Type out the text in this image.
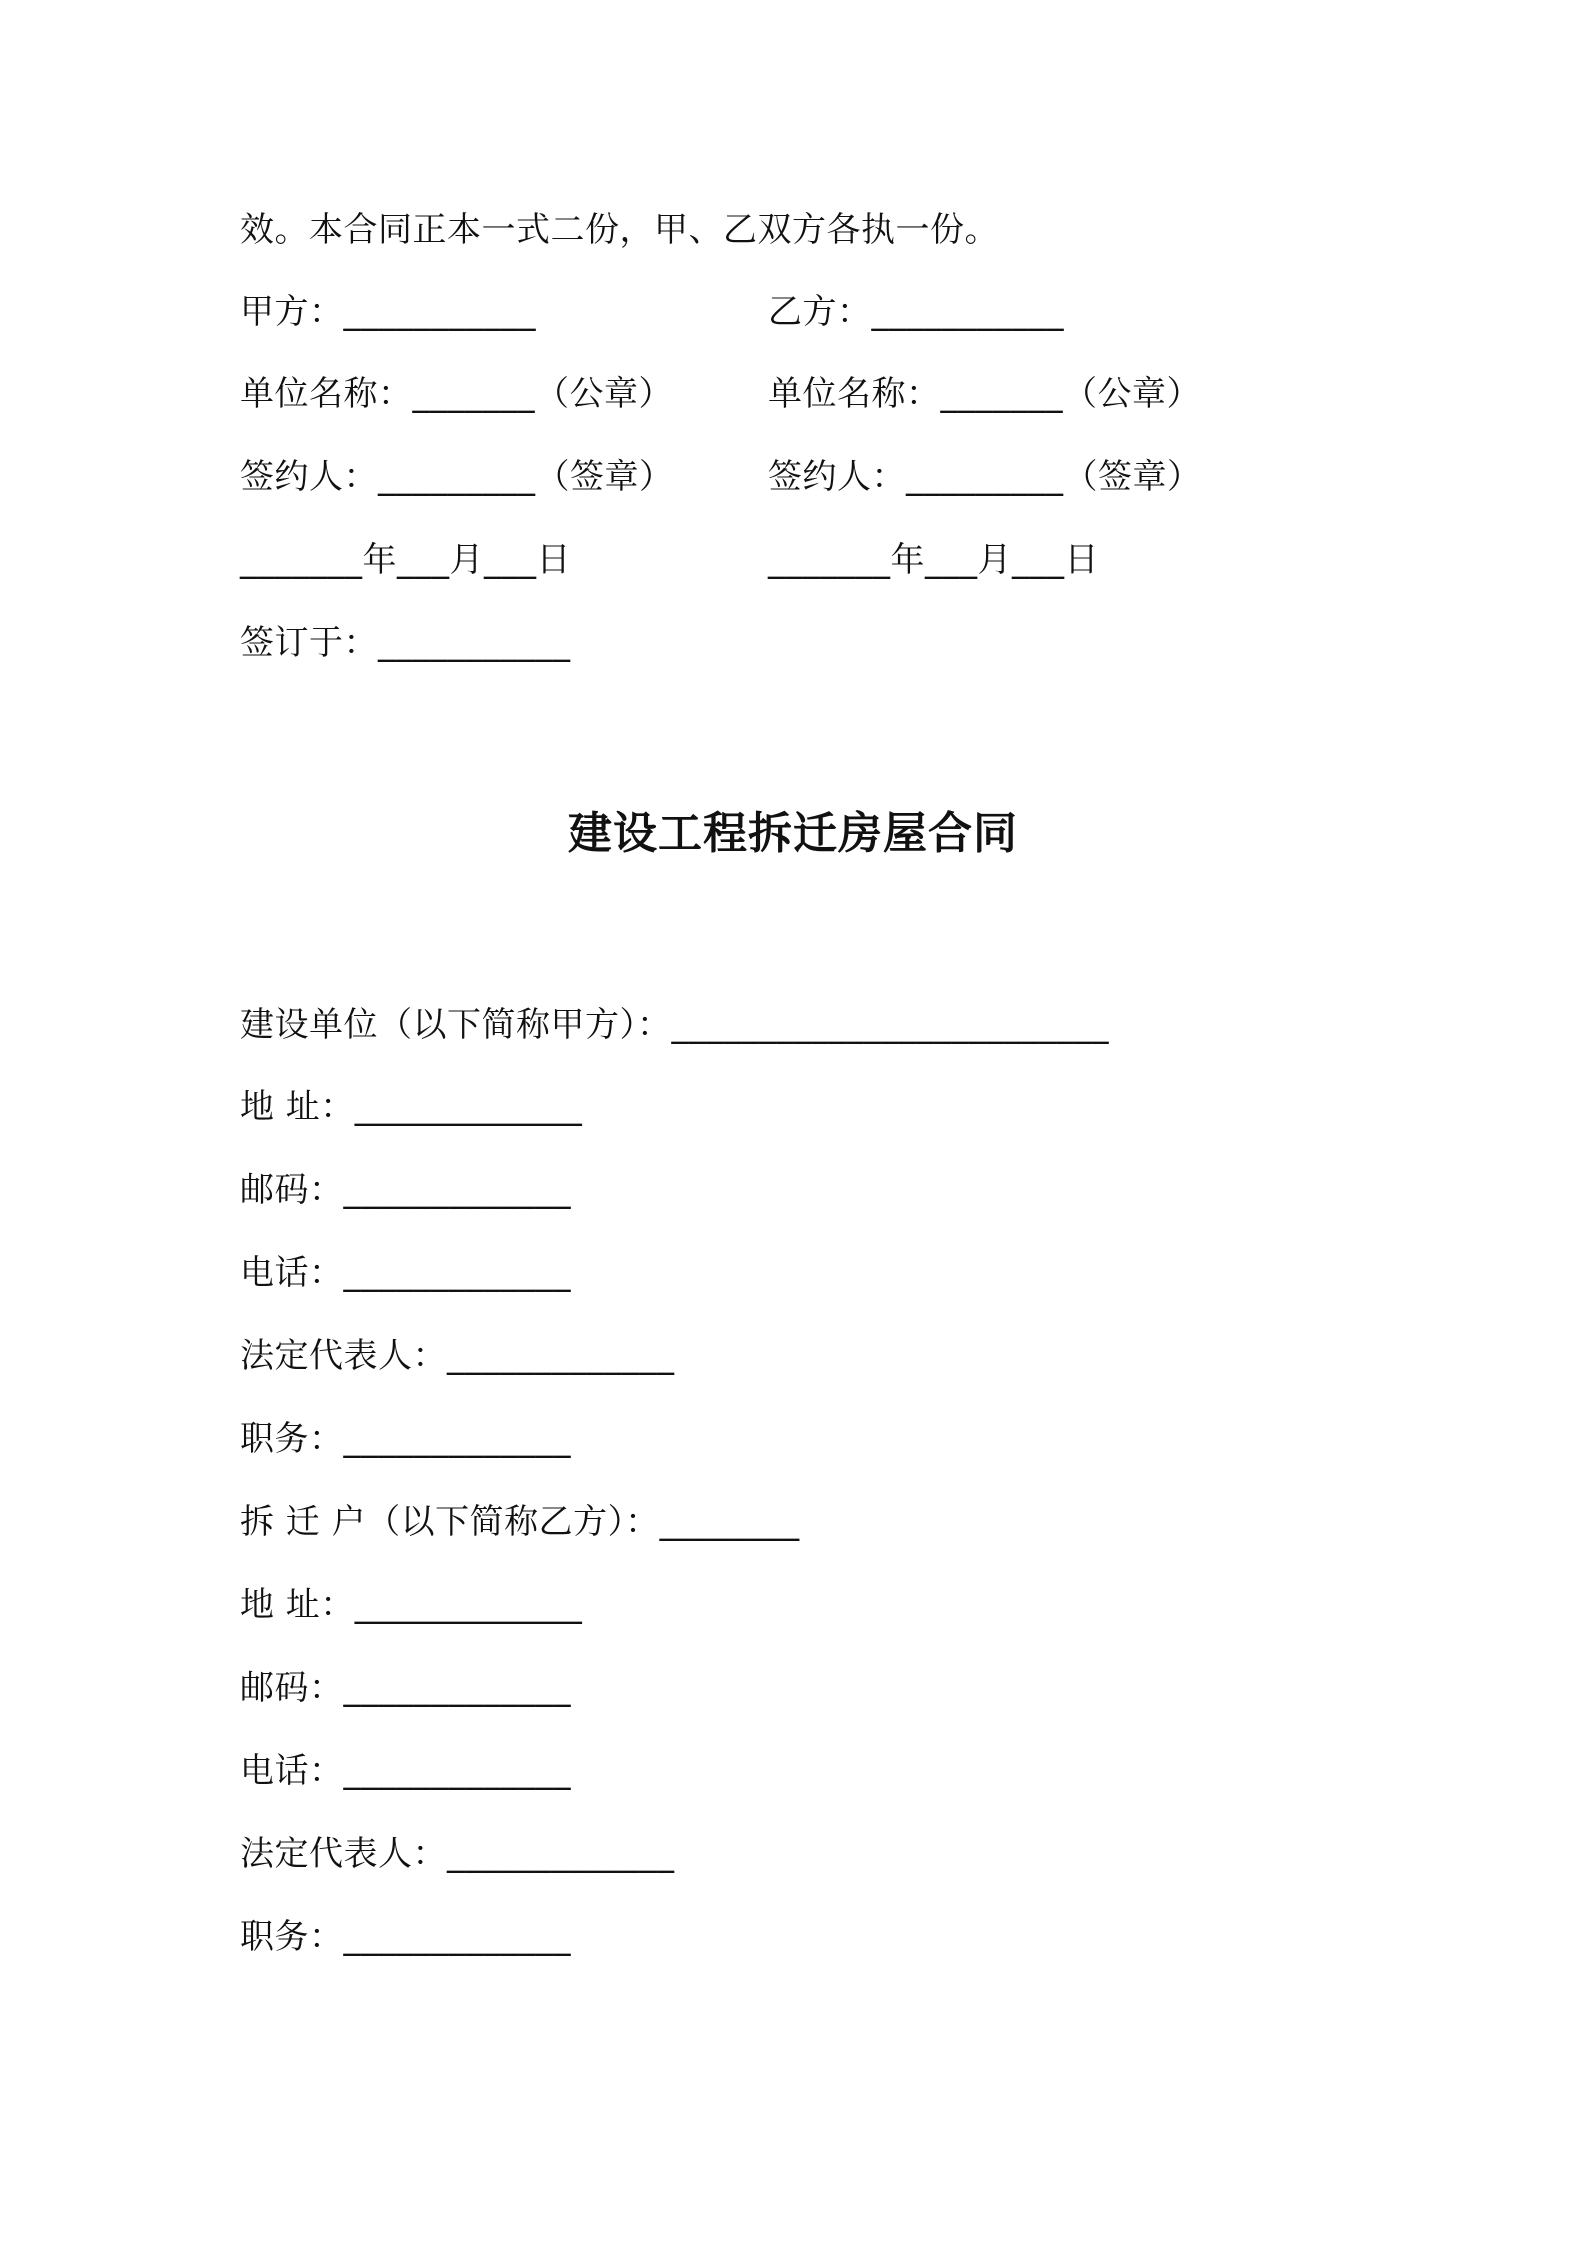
效。本合同正本一式二份，甲、乙双方各执一份。
甲方：___________	乙方：___________
单位名称：_______（公章）	单位名称：_______（公章）
签约人：_________（签章）	签约人：_________（签章）
_______年___月___日	_______年___月___日
签订于：___________
建设工程拆迁房屋合同
建设单位（以下简称甲方）：_________________________
地 址：_____________
邮码：_____________
电话：_____________
法定代表人：_____________
职务：_____________
拆 迁 户（以下简称乙方）：________
地 址：_____________
邮码：_____________
电话：_____________
法定代表人：_____________
职务：_____________
